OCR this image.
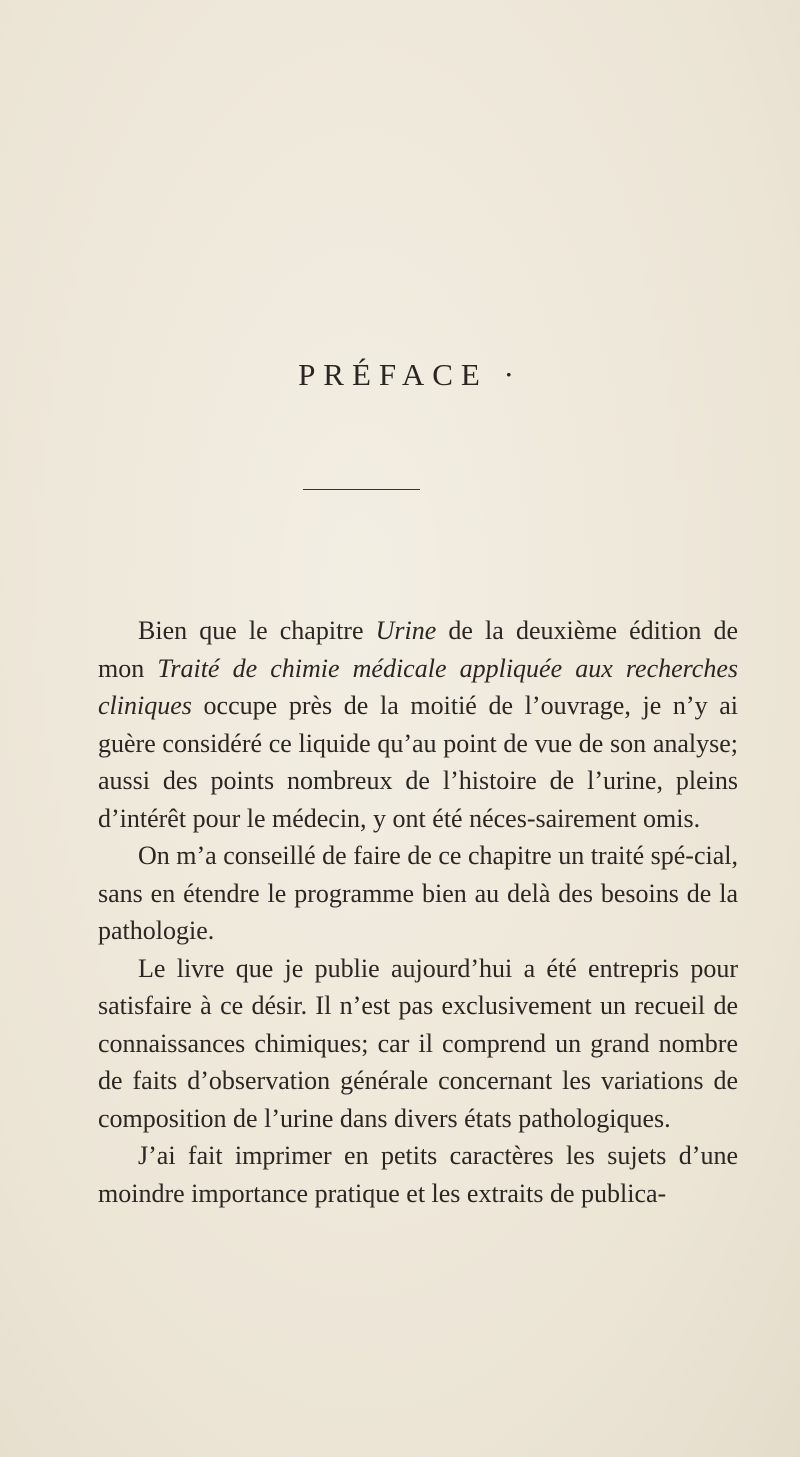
PRÉFACE ·

Bien que le chapitre Urine de la deuxième édition de mon Traité de chimie médicale appliquée aux recherches cliniques occupe près de la moitié de l’ouvrage, je n’y ai guère considéré ce liquide qu’au point de vue de son analyse; aussi des points nombreux de l’histoire de l’urine, pleins d’intérêt pour le médecin, y ont été néces-sairement omis.

On m’a conseillé de faire de ce chapitre un traité spé-cial, sans en étendre le programme bien au delà des besoins de la pathologie.

Le livre que je publie aujourd’hui a été entrepris pour satisfaire à ce désir. Il n’est pas exclusivement un recueil de connaissances chimiques; car il comprend un grand nombre de faits d’observation générale concernant les variations de composition de l’urine dans divers états pathologiques.

J’ai fait imprimer en petits caractères les sujets d’une moindre importance pratique et les extraits de publica-
